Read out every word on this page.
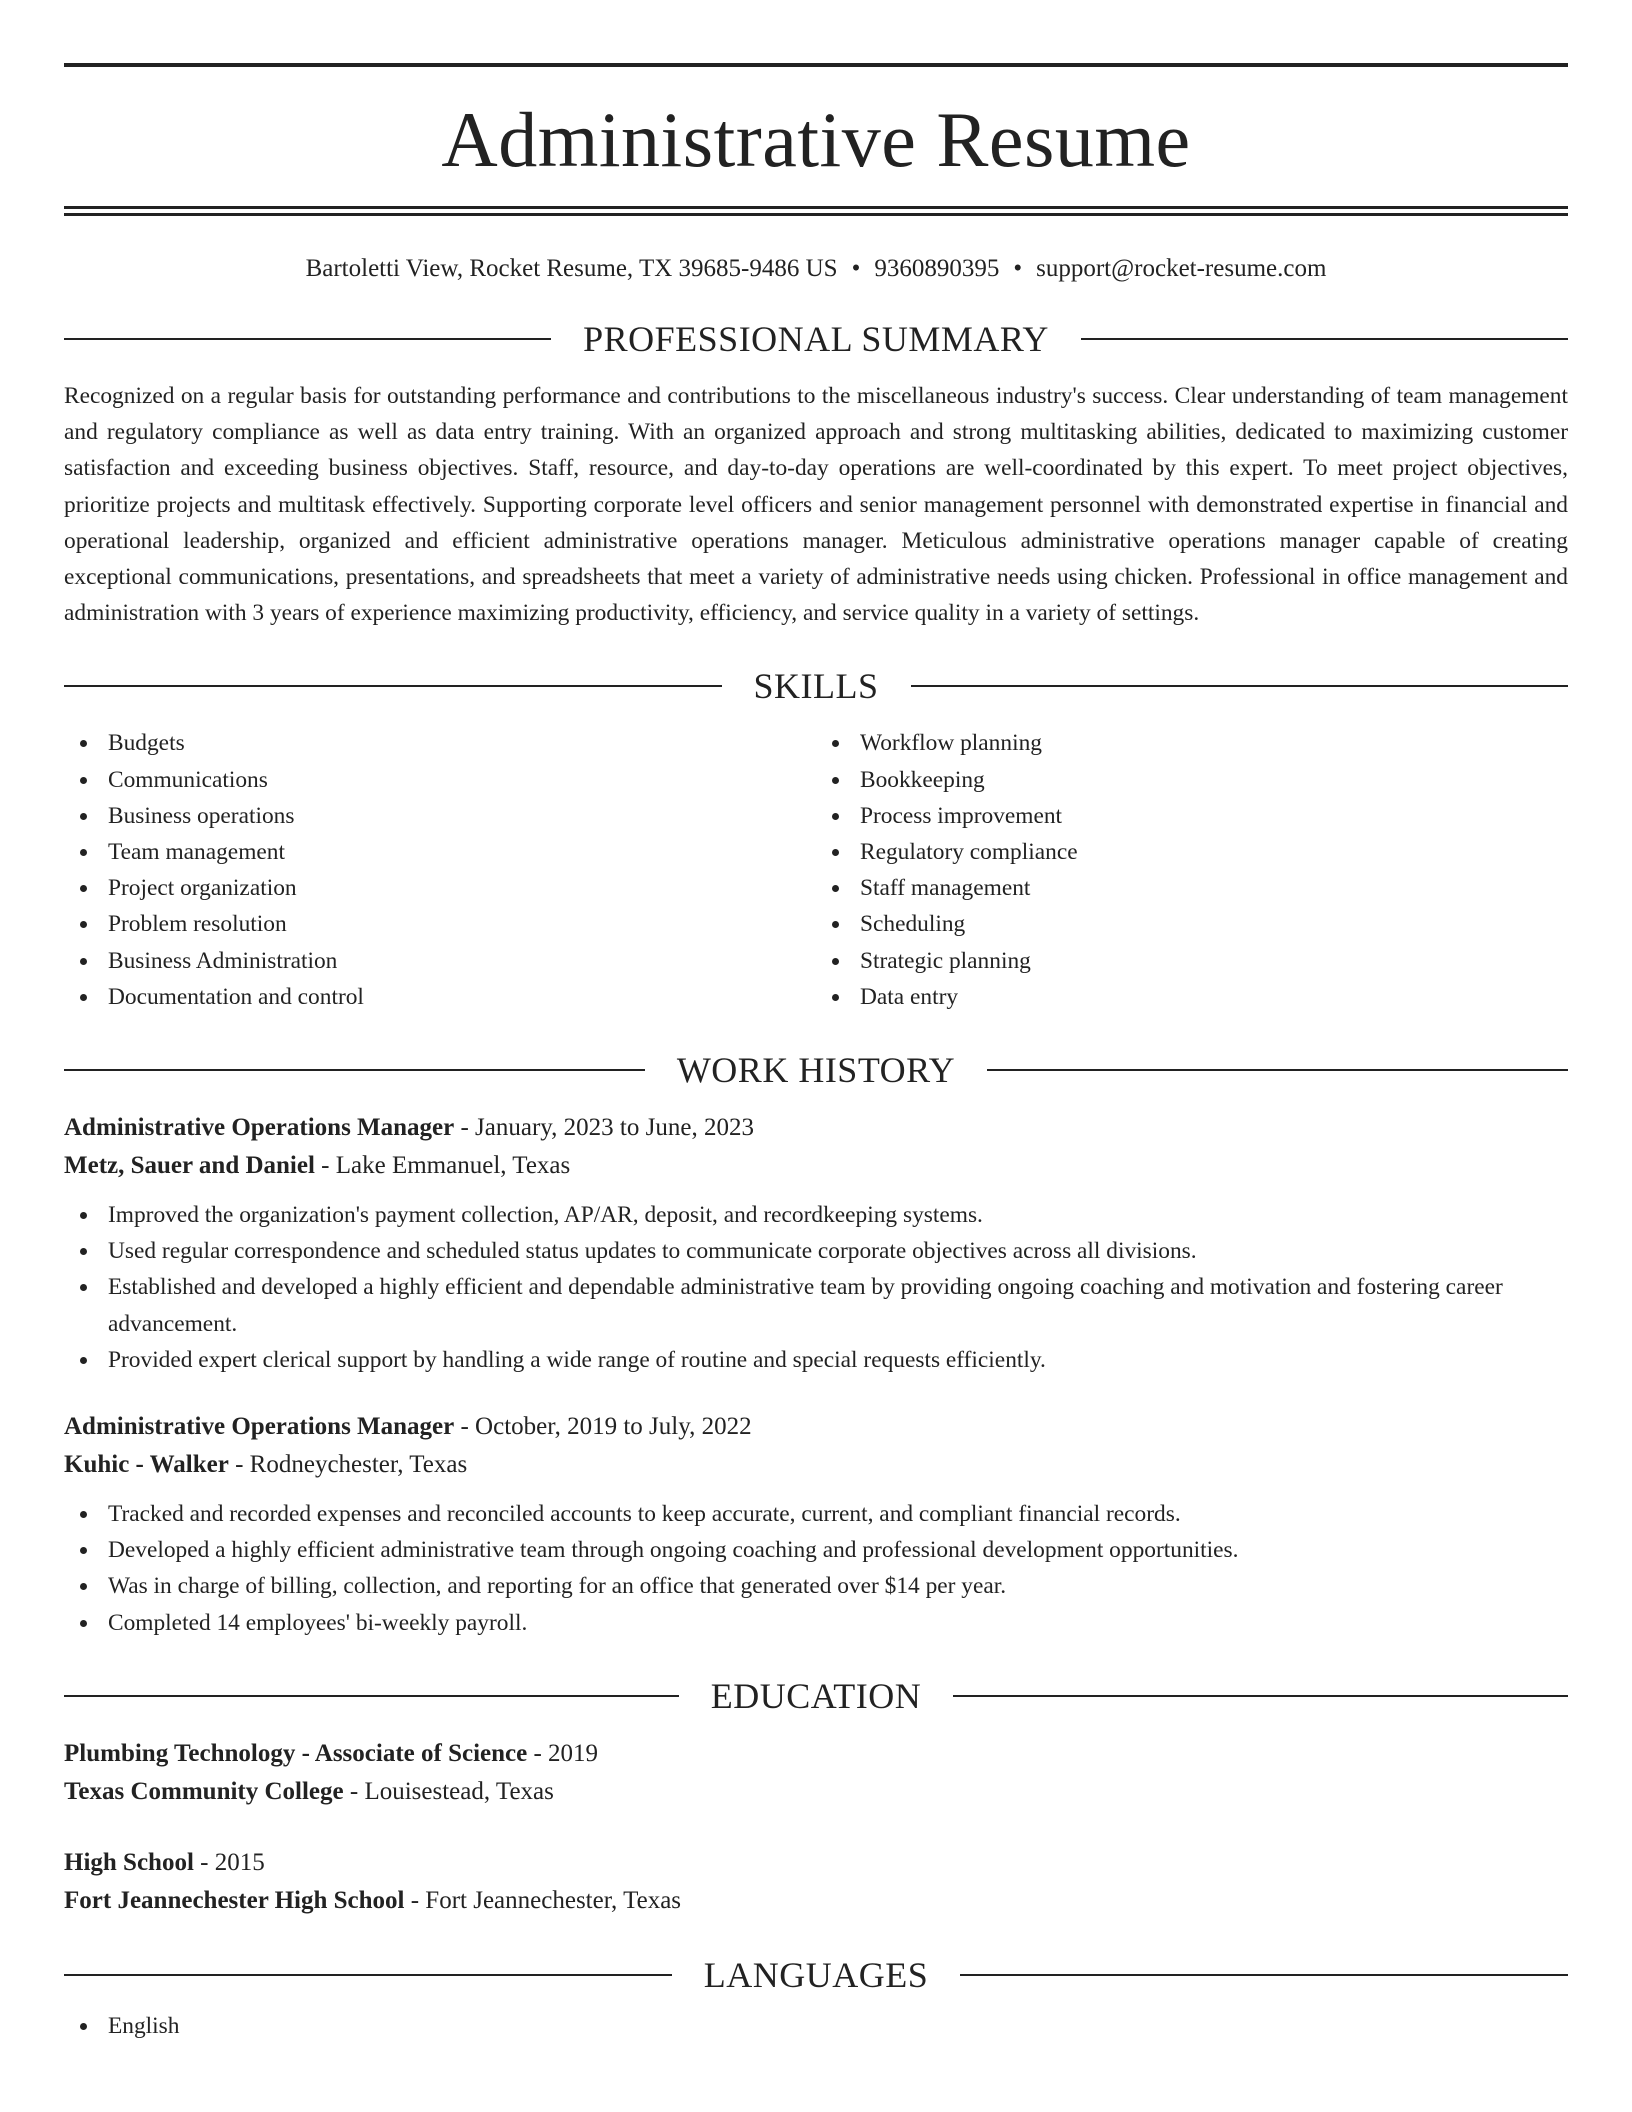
Administrative Resume
Bartoletti View, Rocket Resume, TX 39685-9486 US • 9360890395 • support@rocket-resume.com
PROFESSIONAL SUMMARY
Recognized on a regular basis for outstanding performance and contributions to the miscellaneous industry's success. Clear understanding of team management and regulatory compliance as well as data entry training. With an organized approach and strong multitasking abilities, dedicated to maximizing customer satisfaction and exceeding business objectives. Staff, resource, and day-to-day operations are well-coordinated by this expert. To meet project objectives, prioritize projects and multitask effectively. Supporting corporate level officers and senior management personnel with demonstrated expertise in financial and operational leadership, organized and efficient administrative operations manager. Meticulous administrative operations manager capable of creating exceptional communications, presentations, and spreadsheets that meet a variety of administrative needs using chicken. Professional in office management and administration with 3 years of experience maximizing productivity, efficiency, and service quality in a variety of settings.
SKILLS
Budgets
Communications
Business operations
Team management
Project organization
Problem resolution
Business Administration
Documentation and control
Workflow planning
Bookkeeping
Process improvement
Regulatory compliance
Staff management
Scheduling
Strategic planning
Data entry
WORK HISTORY
Administrative Operations Manager - January, 2023 to June, 2023
Metz, Sauer and Daniel - Lake Emmanuel, Texas
Improved the organization's payment collection, AP/AR, deposit, and recordkeeping systems.
Used regular correspondence and scheduled status updates to communicate corporate objectives across all divisions.
Established and developed a highly efficient and dependable administrative team by providing ongoing coaching and motivation and fostering career advancement.
Provided expert clerical support by handling a wide range of routine and special requests efficiently.
Administrative Operations Manager - October, 2019 to July, 2022
Kuhic - Walker - Rodneychester, Texas
Tracked and recorded expenses and reconciled accounts to keep accurate, current, and compliant financial records.
Developed a highly efficient administrative team through ongoing coaching and professional development opportunities.
Was in charge of billing, collection, and reporting for an office that generated over $14 per year.
Completed 14 employees' bi-weekly payroll.
EDUCATION
Plumbing Technology - Associate of Science - 2019
Texas Community College - Louisestead, Texas
High School - 2015
Fort Jeannechester High School - Fort Jeannechester, Texas
LANGUAGES
English
